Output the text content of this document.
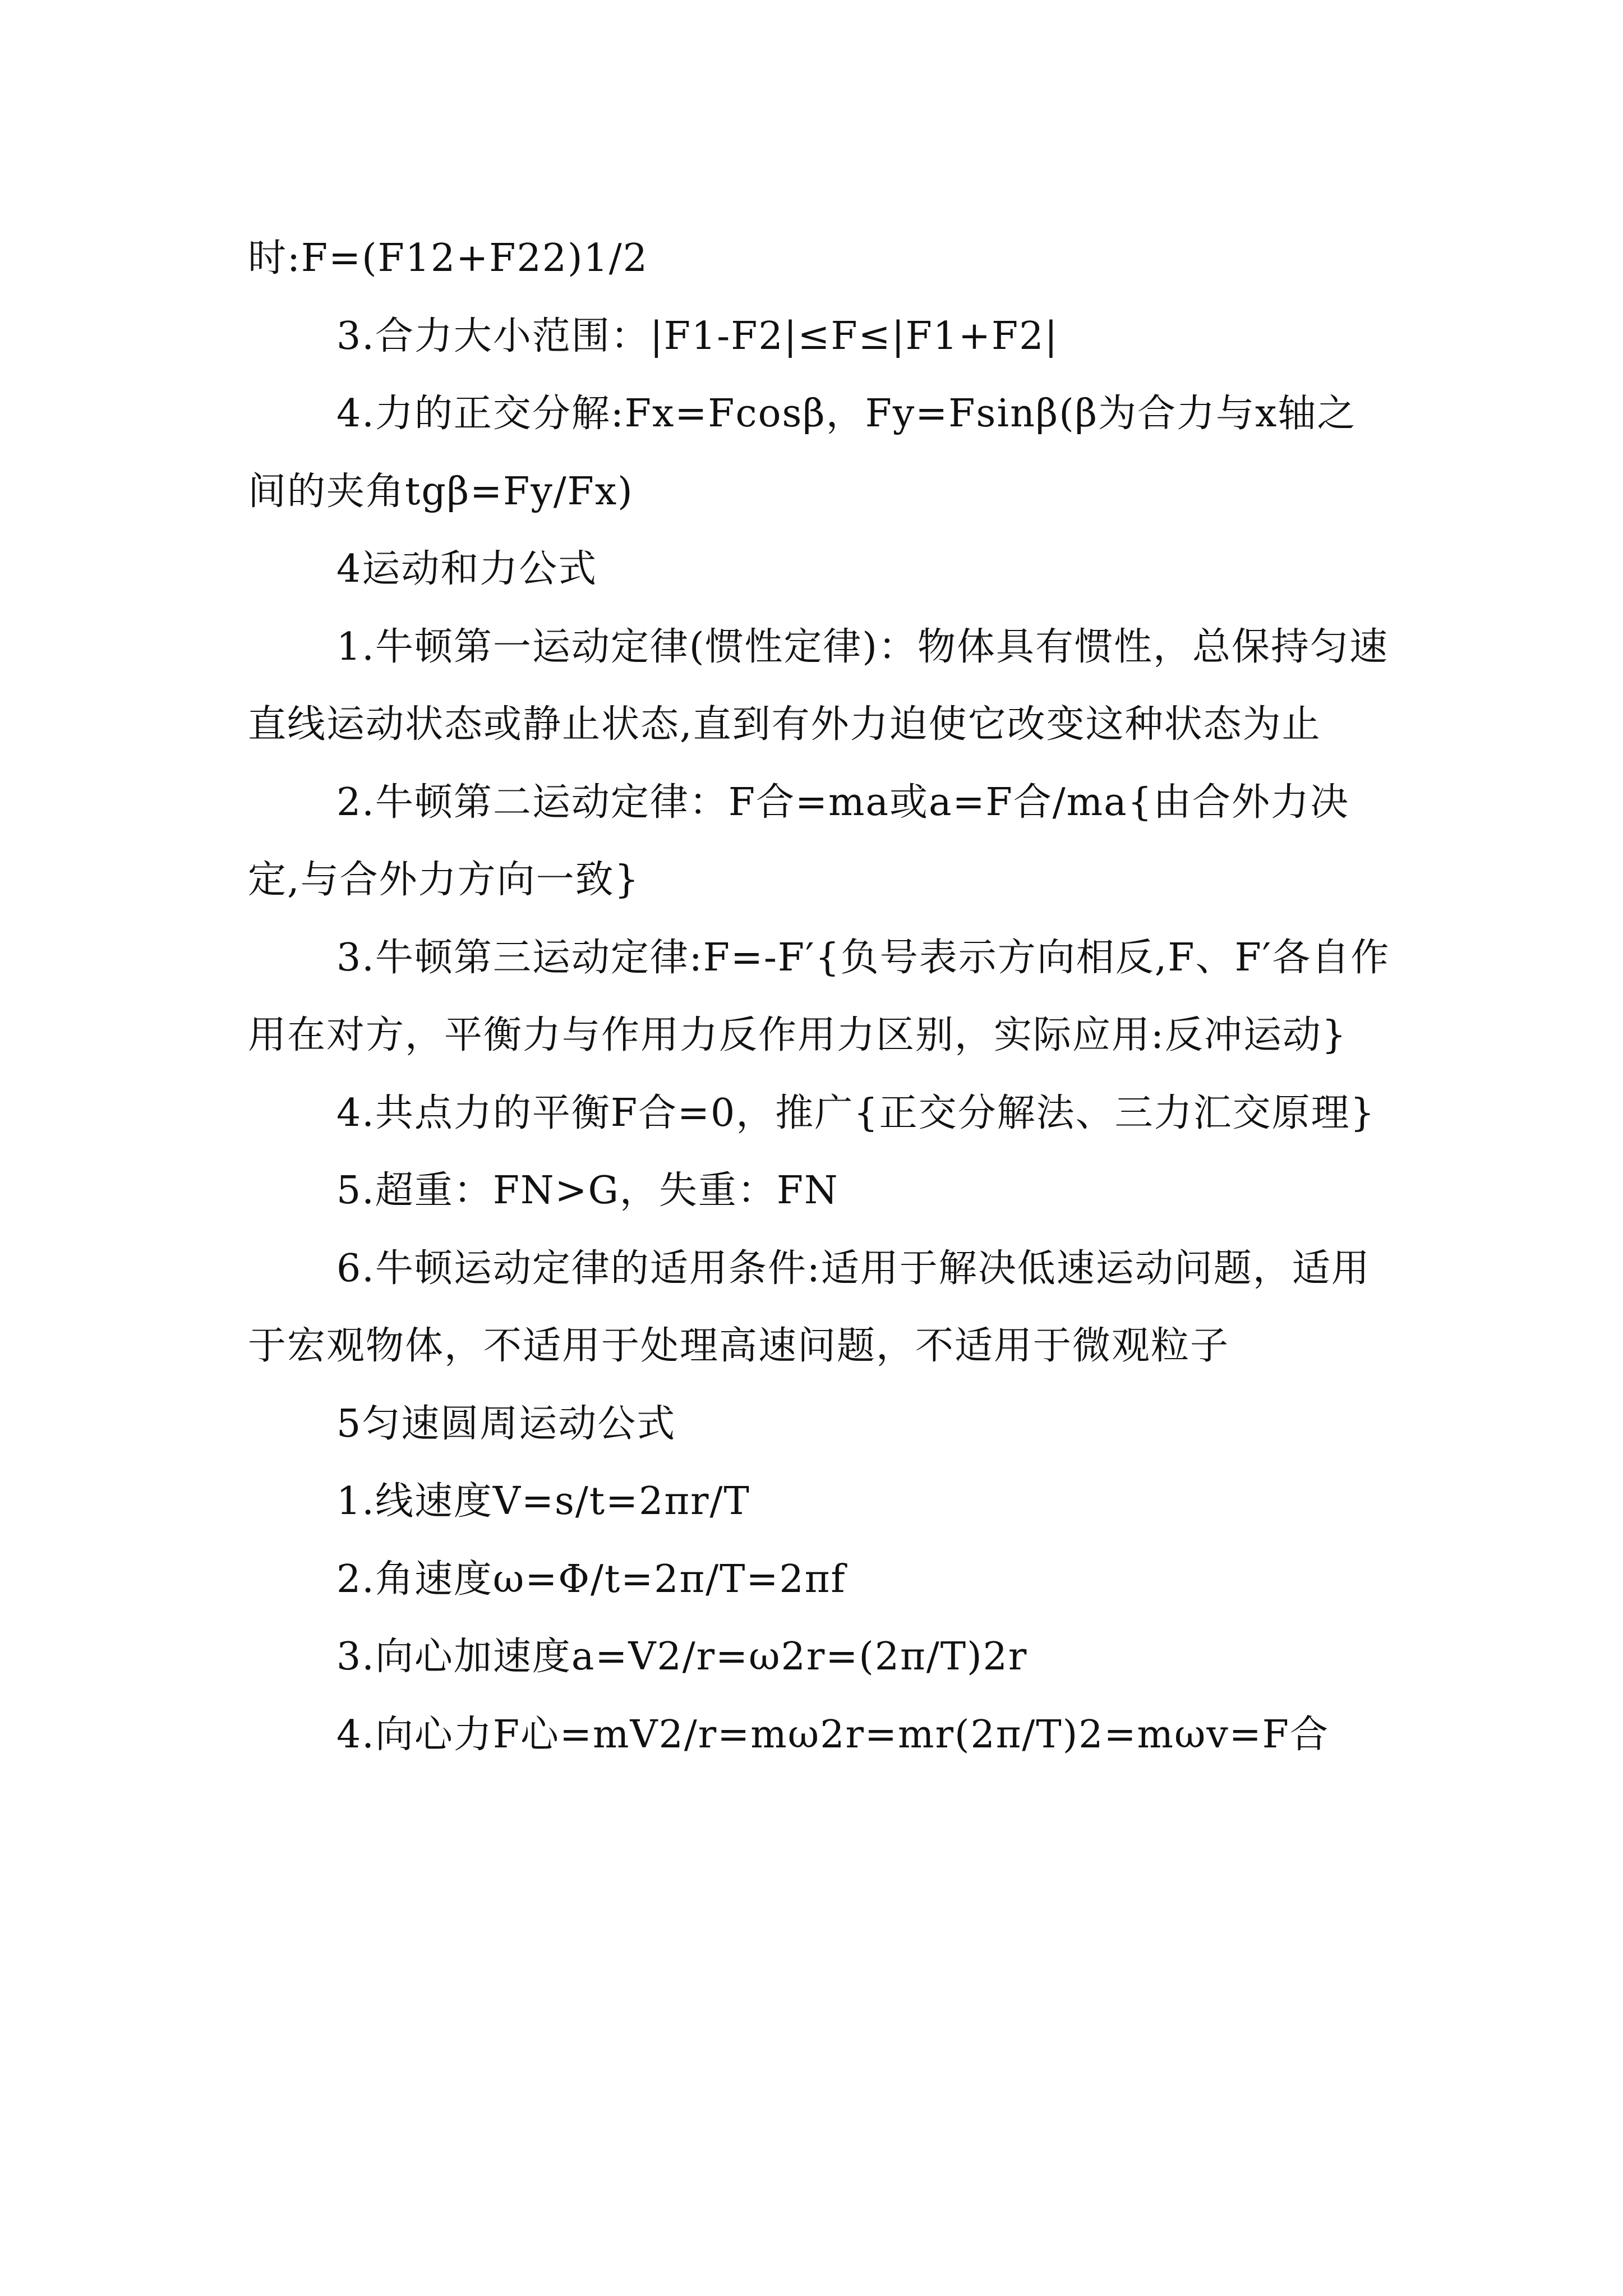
时:F=(F12+F22)1/2

3.合力大小范围：|F1-F2|≤F≤|F1+F2|

4.力的正交分解:Fx=Fcosβ，Fy=Fsinβ(β为合力与x轴之间的夹角tgβ=Fy/Fx)

4运动和力公式

1.牛顿第一运动定律(惯性定律)：物体具有惯性，总保持匀速直线运动状态或静止状态,直到有外力迫使它改变这种状态为止

2.牛顿第二运动定律：F合=ma或a=F合/ma{由合外力决定,与合外力方向一致}

3.牛顿第三运动定律:F=-F′{负号表示方向相反,F、F′各自作用在对方，平衡力与作用力反作用力区别，实际应用:反冲运动}

4.共点力的平衡F合=0，推广{正交分解法、三力汇交原理}

5.超重：FN>G，失重：FN

6.牛顿运动定律的适用条件:适用于解决低速运动问题，适用于宏观物体，不适用于处理高速问题，不适用于微观粒子

5匀速圆周运动公式

1.线速度V=s/t=2πr/T

2.角速度ω=Φ/t=2π/T=2πf

3.向心加速度a=V2/r=ω2r=(2π/T)2r

4.向心力F心=mV2/r=mω2r=mr(2π/T)2=mωv=F合
